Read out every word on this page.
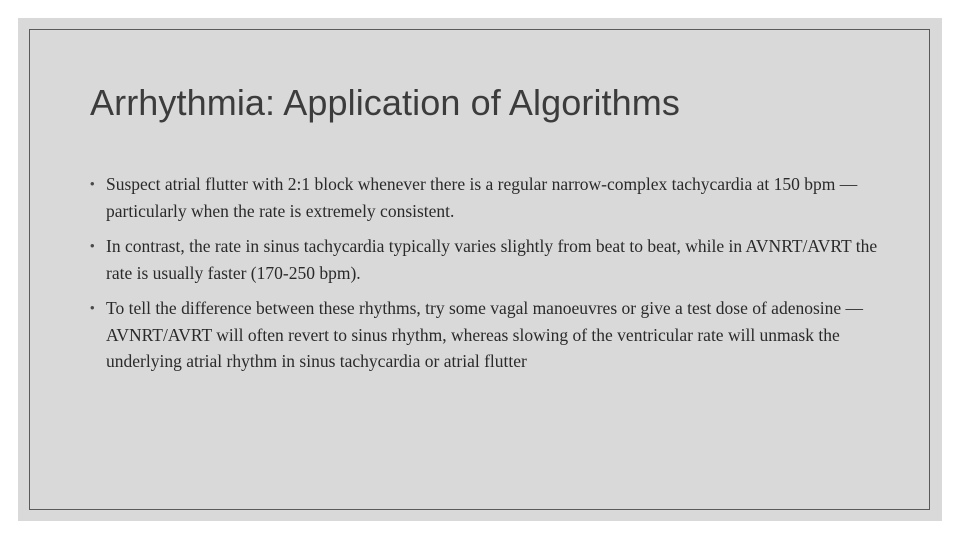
Arrhythmia: Application of Algorithms
• Suspect atrial flutter with 2:1 block whenever there is a regular narrow-complex tachycardia at 150 bpm — particularly when the rate is extremely consistent.
• In contrast, the rate in sinus tachycardia typically varies slightly from beat to beat, while in AVNRT/AVRT the rate is usually faster (170-250 bpm).
• To tell the difference between these rhythms, try some vagal manoeuvres or give a test dose of adenosine — AVNRT/AVRT will often revert to sinus rhythm, whereas slowing of the ventricular rate will unmask the underlying atrial rhythm in sinus tachycardia or atrial flutter
